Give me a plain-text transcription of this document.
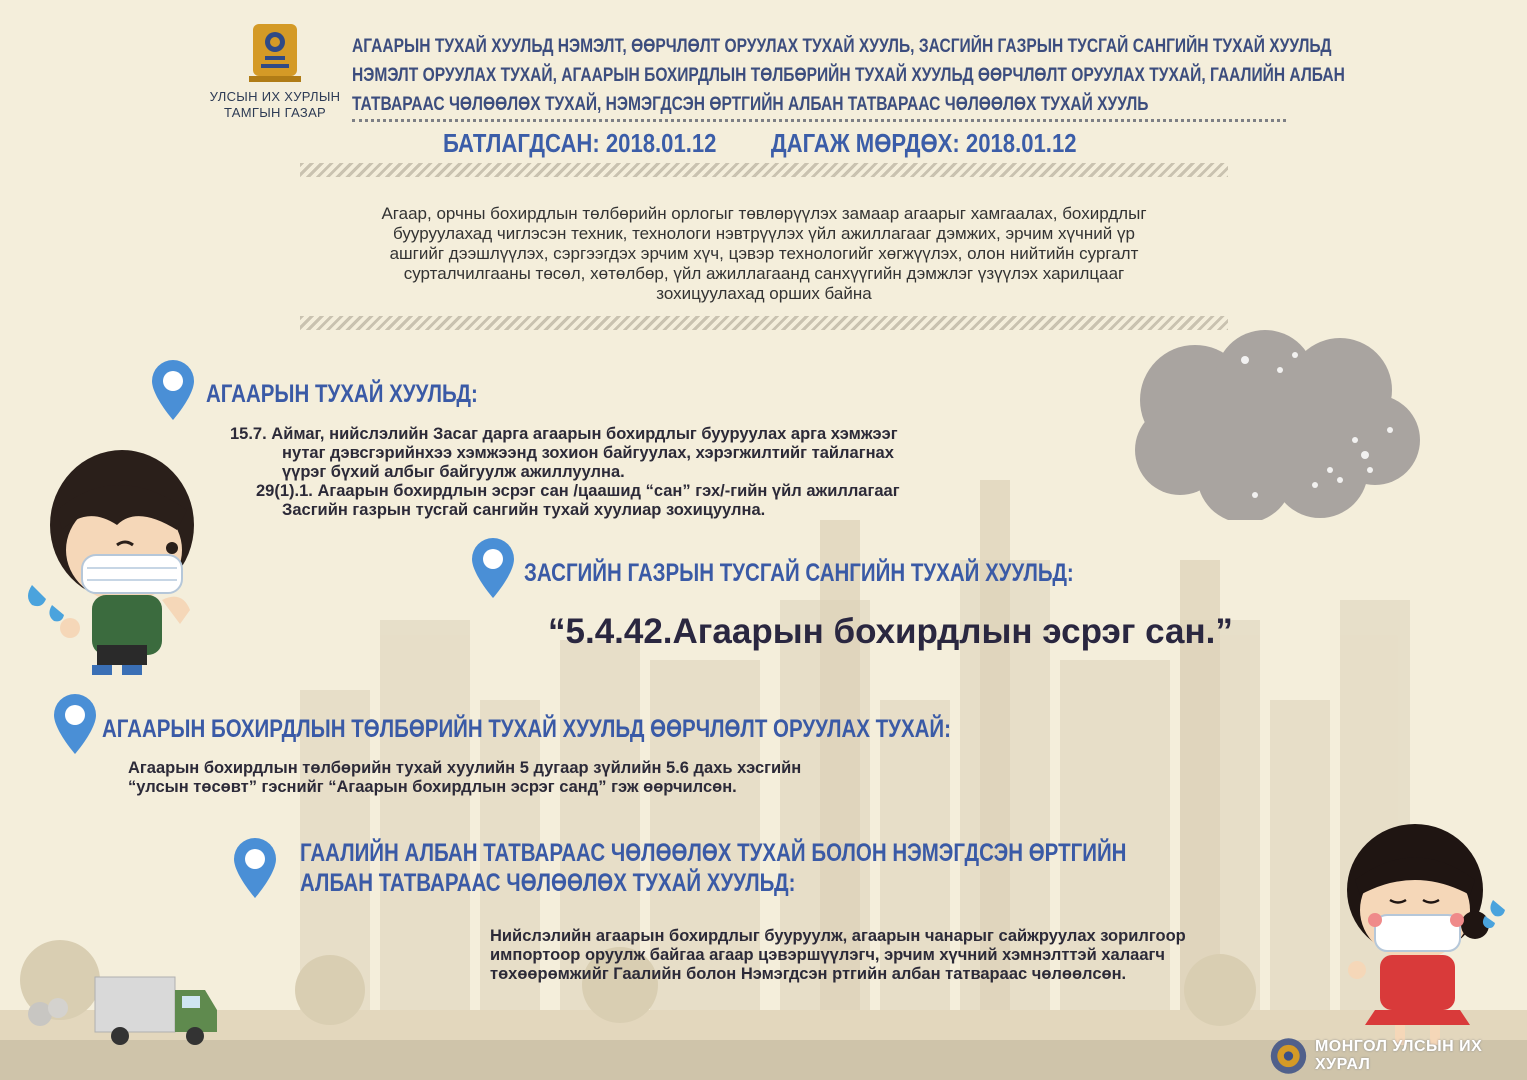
УЛСЫН ИХ ХУРЛЫН
ТАМГЫН ГАЗАР
АГААРЫН ТУХАЙ ХУУЛЬД НЭМЭЛТ, ӨӨРЧЛӨЛТ ОРУУЛАХ ТУХАЙ ХУУЛЬ, ЗАСГИЙН ГАЗРЫН ТУСГАЙ САНГИЙН ТУХАЙ ХУУЛЬД
НЭМЭЛТ ОРУУЛАХ ТУХАЙ, АГААРЫН БОХИРДЛЫН ТӨЛБӨРИЙН ТУХАЙ ХУУЛЬД ӨӨРЧЛӨЛТ ОРУУЛАХ ТУХАЙ, ГААЛИЙН АЛБАН
ТАТВАРААС ЧӨЛӨӨЛӨХ ТУХАЙ, НЭМЭГДСЭН ӨРТГИЙН АЛБАН ТАТВАРААС ЧӨЛӨӨЛӨХ ТУХАЙ ХУУЛЬ
БАТЛАГДСАН: 2018.01.12 ДАГАЖ МӨРДӨХ: 2018.01.12
Агаар, орчны бохирдлын төлбөрийн орлогыг төвлөрүүлэх замаар агаарыг хамгаалах, бохирдлыг
бууруулахад чиглэсэн техник, технологи нэвтрүүлэх үйл ажиллагааг дэмжих, эрчим хүчний үр
ашгийг дээшлүүлэх, сэргээгдэх эрчим хүч, цэвэр технологийг хөгжүүлэх, олон нийтийн сургалт
сурталчилгааны төсөл, хөтөлбөр, үйл ажиллагаанд санхүүгийн дэмжлэг үзүүлэх харилцааг
зохицуулахад орших байна
АГААРЫН ТУХАЙ ХУУЛЬД:
15.7. Аймаг, нийслэлийн Засаг дарга агаарын бохирдлыг бууруулах арга хэмжээг
нутаг дэвсгэрийнхээ хэмжээнд зохион байгуулах, хэрэгжилтийг тайлагнах
үүрэг бүхий албыг байгуулж ажиллуулна.
29(1).1. Агаарын бохирдлын эсрэг сан /цаашид “сан” гэх/-гийн үйл ажиллагааг
Засгийн газрын тусгай сангийн тухай хуулиар зохицуулна.
ЗАСГИЙН ГАЗРЫН ТУСГАЙ САНГИЙН ТУХАЙ ХУУЛЬД:
“5.4.42.Агаарын бохирдлын эсрэг сан.”
АГААРЫН БОХИРДЛЫН ТӨЛБӨРИЙН ТУХАЙ ХУУЛЬД ӨӨРЧЛӨЛТ ОРУУЛАХ ТУХАЙ:
Агаарын бохирдлын төлбөрийн тухай хуулийн 5 дугаар зүйлийн 5.6 дахь хэсгийн
“улсын төсөвт” гэснийг “Агаарын бохирдлын эсрэг санд” гэж өөрчилсөн.
ГААЛИЙН АЛБАН ТАТВАРААС ЧӨЛӨӨЛӨХ ТУХАЙ БОЛОН НЭМЭГДСЭН ӨРТГИЙН
АЛБАН ТАТВАРААС ЧӨЛӨӨЛӨХ ТУХАЙ ХУУЛЬД:
Нийслэлийн агаарын бохирдлыг бууруулж, агаарын чанарыг сайжруулах зорилгоор
импортоор оруулж байгаа агаар цэвэршүүлэгч, эрчим хүчний хэмнэлттэй халаагч
төхөөрөмжийг Гаалийн болон Нэмэгдсэн ртгийн албан татвараас чөлөөлсөн.
МОНГОЛ УЛСЫН ИХ ХУРАЛ
